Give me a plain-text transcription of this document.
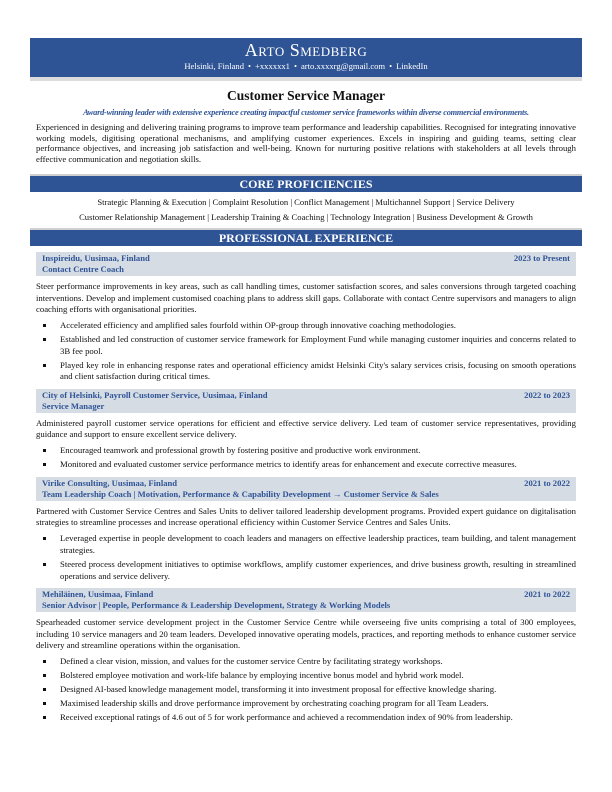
Arto Smedberg
Helsinki, Finland • +xxxxxx1 • arto.xxxxrg@gmail.com • LinkedIn
Customer Service Manager
Award-winning leader with extensive experience creating impactful customer service frameworks within diverse commercial environments.
Experienced in designing and delivering training programs to improve team performance and leadership capabilities. Recognised for integrating innovative working models, digitising operational mechanisms, and amplifying customer experiences. Excels in inspiring and guiding teams, setting clear performance objectives, and increasing job satisfaction and well-being. Known for nurturing positive relations with stakeholders at all levels through effective communication and negotiation skills.
CORE PROFICIENCIES
Strategic Planning & Execution | Complaint Resolution | Conflict Management | Multichannel Support | Service Delivery
Customer Relationship Management | Leadership Training & Coaching | Technology Integration | Business Development & Growth
PROFESSIONAL EXPERIENCE
Inspireidu, Uusimaa, Finland
Contact Centre Coach
2023 to Present
Steer performance improvements in key areas, such as call handling times, customer satisfaction scores, and sales conversions through targeted coaching interventions. Develop and implement customised coaching plans to address skill gaps. Collaborate with contact Centre supervisors and managers to align coaching efforts with organisational priorities.
Accelerated efficiency and amplified sales fourfold within OP-group through innovative coaching methodologies.
Established and led construction of customer service framework for Employment Fund while managing customer inquiries and concerns related to 3B fee pool.
Played key role in enhancing response rates and operational efficiency amidst Helsinki City's salary services crisis, focusing on smooth operations and client satisfaction during critical times.
City of Helsinki, Payroll Customer Service, Uusimaa, Finland
Service Manager
2022 to 2023
Administered payroll customer service operations for efficient and effective service delivery. Led team of customer service representatives, providing guidance and support to ensure excellent service delivery.
Encouraged teamwork and professional growth by fostering positive and productive work environment.
Monitored and evaluated customer service performance metrics to identify areas for enhancement and execute corrective measures.
Virike Consulting, Uusimaa, Finland
Team Leadership Coach | Motivation, Performance & Capability Development → Customer Service & Sales
2021 to 2022
Partnered with Customer Service Centres and Sales Units to deliver tailored leadership development programs. Provided expert guidance on digitalisation strategies to streamline processes and increase operational efficiency within Customer Service Centres and Sales Units.
Leveraged expertise in people development to coach leaders and managers on effective leadership practices, team building, and talent management strategies.
Steered process development initiatives to optimise workflows, amplify customer experiences, and drive business growth, resulting in streamlined operations and service delivery.
Mehiläinen, Uusimaa, Finland
Senior Advisor | People, Performance & Leadership Development, Strategy & Working Models
2021 to 2022
Spearheaded customer service development project in the Customer Service Centre while overseeing five units comprising a total of 300 employees, including 10 service managers and 20 team leaders. Developed innovative operating models, practices, and reporting methods to enhance customer service delivery and streamline operations within the organisation.
Defined a clear vision, mission, and values for the customer service Centre by facilitating strategy workshops.
Bolstered employee motivation and work-life balance by employing incentive bonus model and hybrid work model.
Designed AI-based knowledge management model, transforming it into investment proposal for effective knowledge sharing.
Maximised leadership skills and drove performance improvement by orchestrating coaching program for all Team Leaders.
Received exceptional ratings of 4.6 out of 5 for work performance and achieved a recommendation index of 90% from leadership.
